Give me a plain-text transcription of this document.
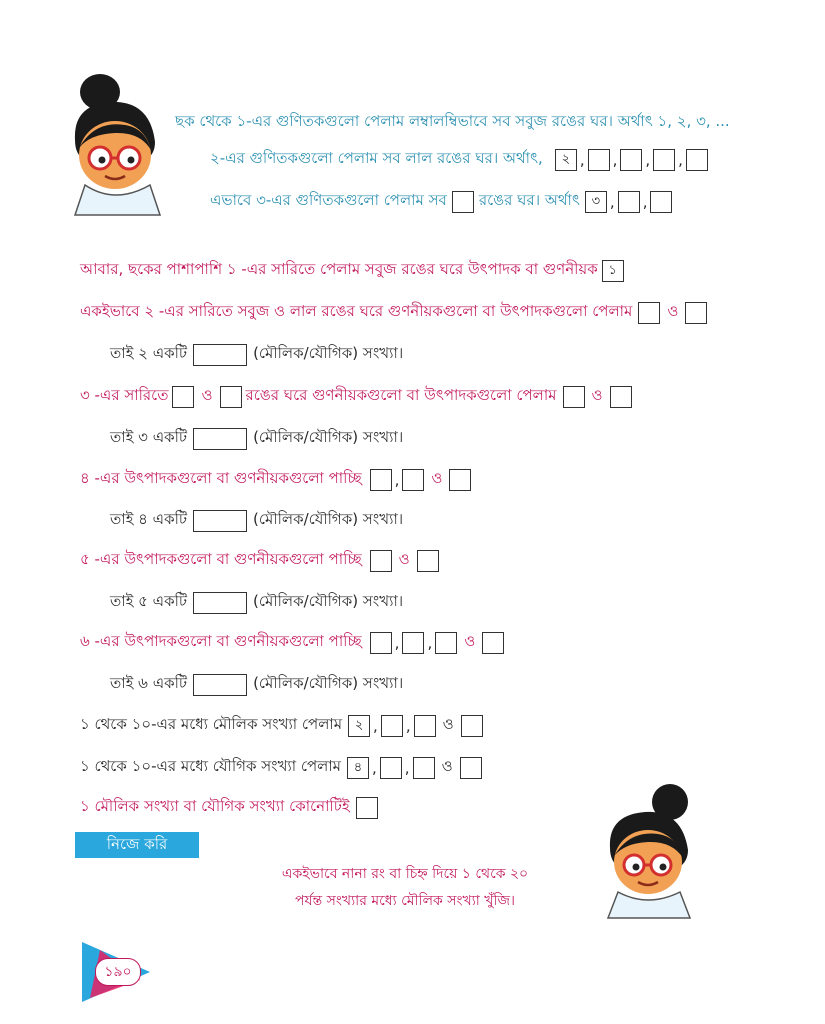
ছক থেকে ১-এর গুণিতকগুলো পেলাম লম্বালম্বিভাবে সব সবুজ রঙের ঘর। অর্থাৎ ১, ২, ৩, ...
২-এর গুণিতকগুলো পেলাম সব লাল রঙের ঘর। অর্থাৎ,	২ , , , ,
এভাবে ৩-এর গুণিতকগুলো পেলাম সব রঙের ঘর। অর্থাৎ ৩ , ,
আবার, ছকের পাশাপাশি ১ -এর সারিতে পেলাম সবুজ রঙের ঘরে উৎপাদক বা গুণনীয়ক ১
একইভাবে ২ -এর সারিতে সবুজ ও লাল রঙের ঘরে গুণনীয়কগুলো বা উৎপাদকগুলো পেলাম ও
তাই ২ একটি	(মৌলিক/যৌগিক) সংখ্যা।
৩ -এর সারিতে ও রঙের ঘরে গুণনীয়কগুলো বা উৎপাদকগুলো পেলাম ও
তাই ৩ একটি	(মৌলিক/যৌগিক) সংখ্যা।
৪ -এর উৎপাদকগুলো বা গুণনীয়কগুলো পাচ্ছি , ও
তাই ৪ একটি	(মৌলিক/যৌগিক) সংখ্যা।
৫ -এর উৎপাদকগুলো বা গুণনীয়কগুলো পাচ্ছি ও
তাই ৫ একটি	(মৌলিক/যৌগিক) সংখ্যা।
৬ -এর উৎপাদকগুলো বা গুণনীয়কগুলো পাচ্ছি , , ও
তাই ৬ একটি	(মৌলিক/যৌগিক) সংখ্যা।
১ থেকে ১০-এর মধ্যে মৌলিক সংখ্যা পেলাম ২ , , ও
১ থেকে ১০-এর মধ্যে যৌগিক সংখ্যা পেলাম ৪ , , ও
১ মৌলিক সংখ্যা বা যৌগিক সংখ্যা কোনোটিই
নিজে করি
একইভাবে নানা রং বা চিহ্ন দিয়ে ১ থেকে ২০
পর্যন্ত সংখ্যার মধ্যে মৌলিক সংখ্যা খুঁজি।
১৯০
